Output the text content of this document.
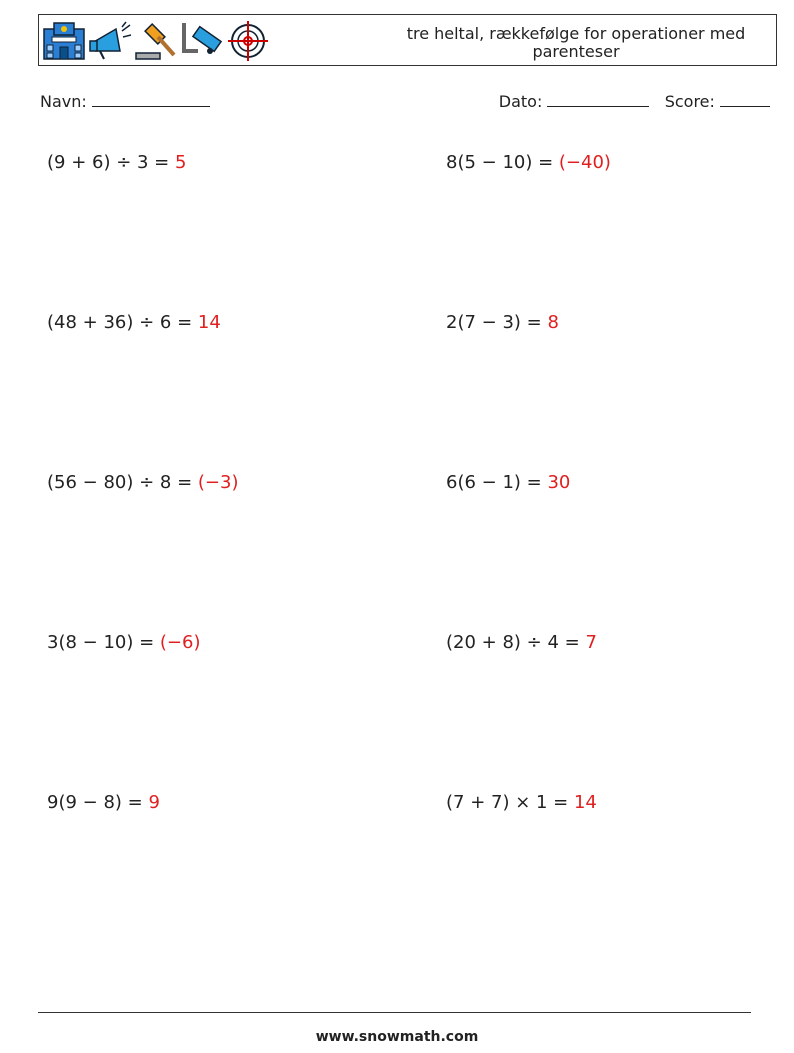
tre heltal, rækkefølge for operationer med parenteser
Navn:	Dato:	Score:
(9 + 6) ÷ 3 = 5	8(5 − 10) = (−40)
(48 + 36) ÷ 6 = 14	2(7 − 3) = 8
(56 − 80) ÷ 8 = (−3)	6(6 − 1) = 30
3(8 − 10) = (−6)	(20 + 8) ÷ 4 = 7
9(9 − 8) = 9	(7 + 7) × 1 = 14
www.snowmath.com
